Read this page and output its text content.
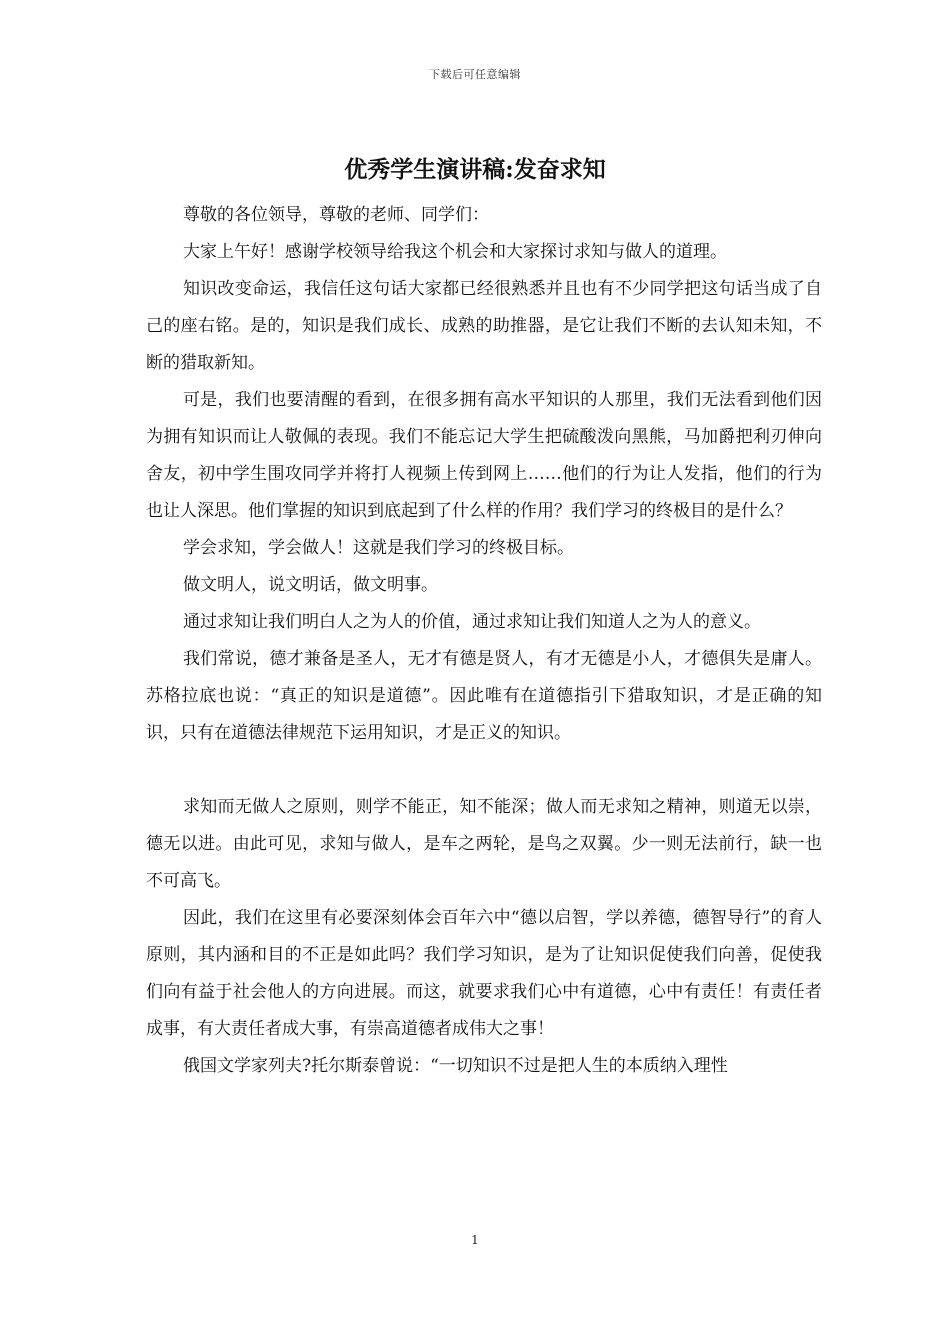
下载后可任意编辑
优秀学生演讲稿:发奋求知

尊敬的各位领导，尊敬的老师、同学们：

大家上午好！感谢学校领导给我这个机会和大家探讨求知与做人的道理。

知识改变命运，我信任这句话大家都已经很熟悉并且也有不少同学把这句话当成了自己的座右铭。是的，知识是我们成长、成熟的助推器，是它让我们不断的去认知未知，不断的猎取新知。

可是，我们也要清醒的看到，在很多拥有高水平知识的人那里，我们无法看到他们因为拥有知识而让人敬佩的表现。我们不能忘记大学生把硫酸泼向黑熊，马加爵把利刃伸向舍友，初中学生围攻同学并将打人视频上传到网上……他们的行为让人发指，他们的行为也让人深思。他们掌握的知识到底起到了什么样的作用？我们学习的终极目的是什么？

学会求知，学会做人！这就是我们学习的终极目标。

做文明人，说文明话，做文明事。

通过求知让我们明白人之为人的价值，通过求知让我们知道人之为人的意义。

我们常说，德才兼备是圣人，无才有德是贤人，有才无德是小人，才德俱失是庸人。苏格拉底也说：“真正的知识是道德”。因此唯有在道德指引下猎取知识，才是正确的知识，只有在道德法律规范下运用知识，才是正义的知识。

求知而无做人之原则，则学不能正，知不能深；做人而无求知之精神，则道无以崇，德无以进。由此可见，求知与做人，是车之两轮，是鸟之双翼。少一则无法前行，缺一也不可高飞。

因此，我们在这里有必要深刻体会百年六中“德以启智，学以养德，德智导行”的育人原则，其内涵和目的不正是如此吗？我们学习知识，是为了让知识促使我们向善，促使我们向有益于社会他人的方向进展。而这，就要求我们心中有道德，心中有责任！有责任者成事，有大责任者成大事，有崇高道德者成伟大之事！

俄国文学家列夫?托尔斯泰曾说：“一切知识不过是把人生的本质纳入理性

1
